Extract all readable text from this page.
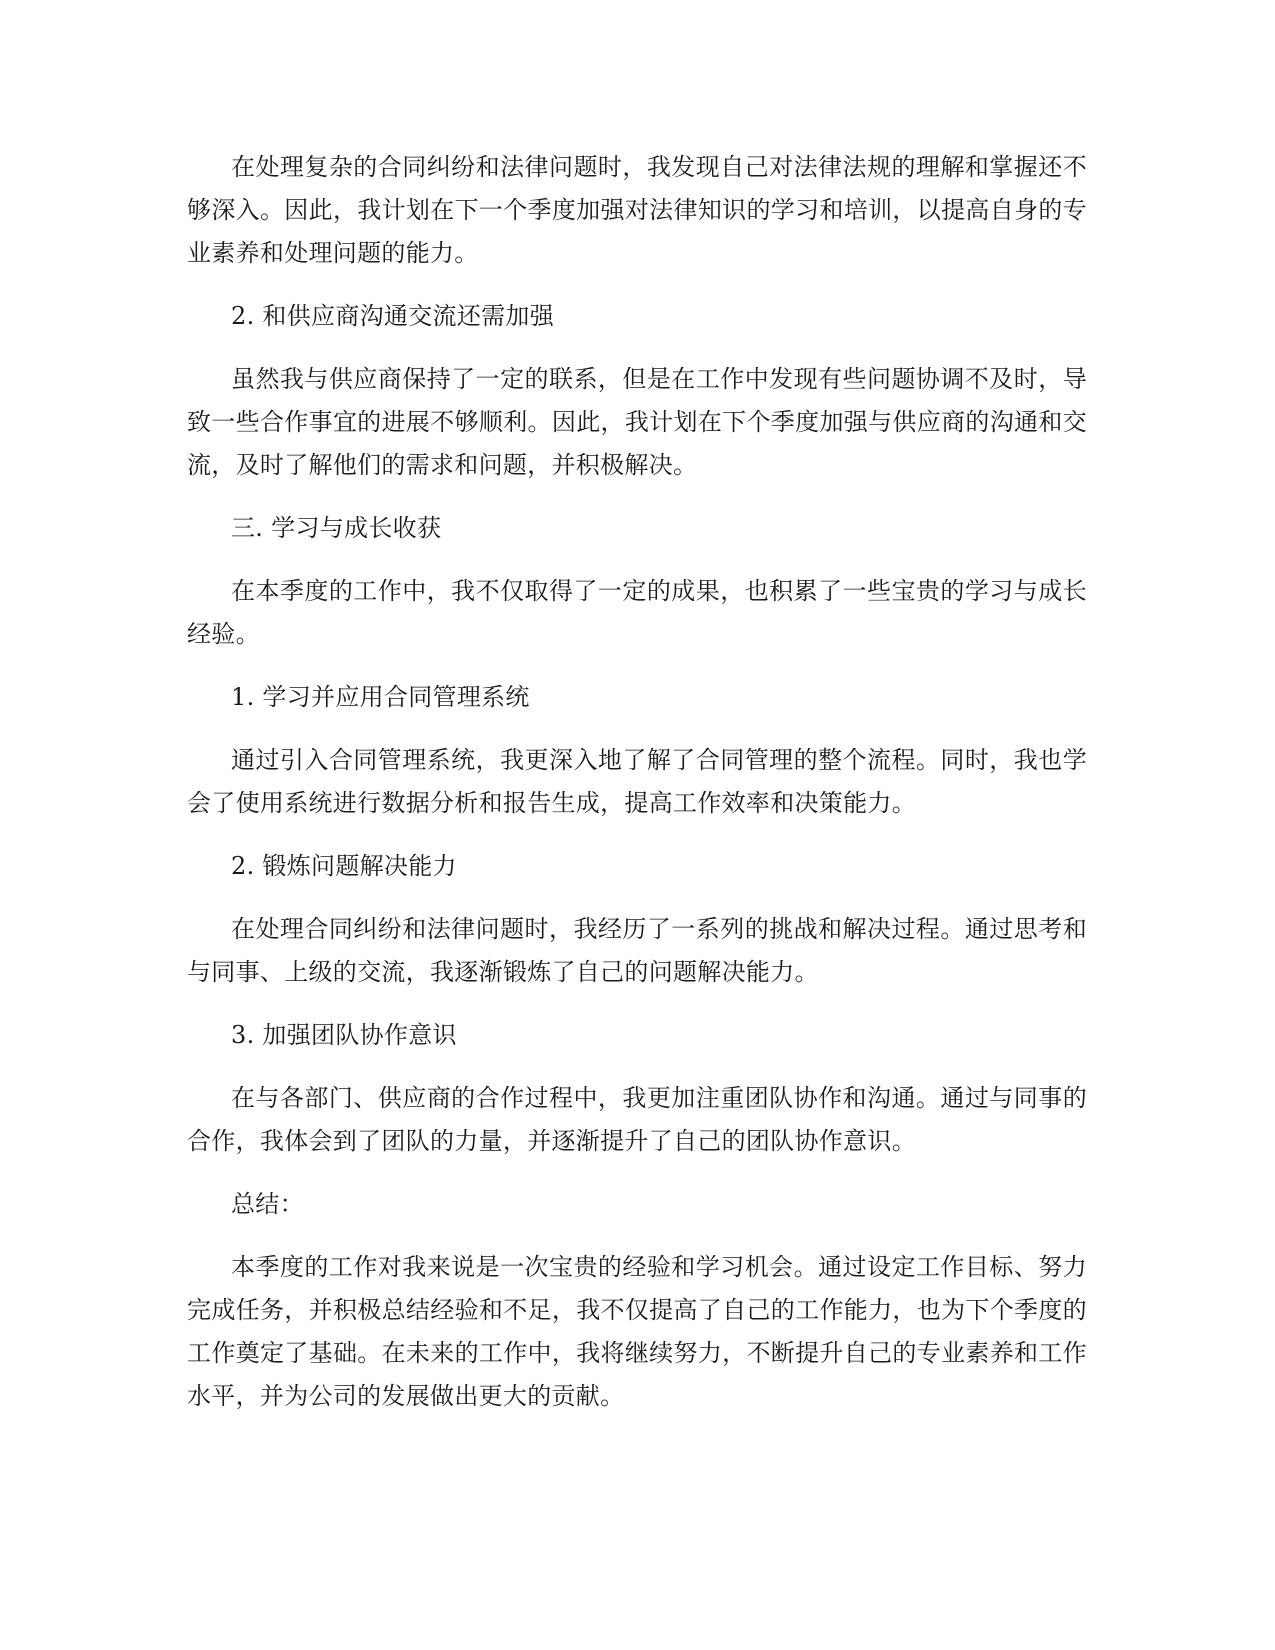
在处理复杂的合同纠纷和法律问题时，我发现自己对法律法规的理解和掌握还不够深入。因此，我计划在下一个季度加强对法律知识的学习和培训，以提高自身的专业素养和处理问题的能力。

2. 和供应商沟通交流还需加强

虽然我与供应商保持了一定的联系，但是在工作中发现有些问题协调不及时，导致一些合作事宜的进展不够顺利。因此，我计划在下个季度加强与供应商的沟通和交流，及时了解他们的需求和问题，并积极解决。

三. 学习与成长收获

在本季度的工作中，我不仅取得了一定的成果，也积累了一些宝贵的学习与成长经验。

1. 学习并应用合同管理系统

通过引入合同管理系统，我更深入地了解了合同管理的整个流程。同时，我也学会了使用系统进行数据分析和报告生成，提高工作效率和决策能力。

2. 锻炼问题解决能力

在处理合同纠纷和法律问题时，我经历了一系列的挑战和解决过程。通过思考和与同事、上级的交流，我逐渐锻炼了自己的问题解决能力。

3. 加强团队协作意识

在与各部门、供应商的合作过程中，我更加注重团队协作和沟通。通过与同事的合作，我体会到了团队的力量，并逐渐提升了自己的团队协作意识。

总结：

本季度的工作对我来说是一次宝贵的经验和学习机会。通过设定工作目标、努力完成任务，并积极总结经验和不足，我不仅提高了自己的工作能力，也为下个季度的工作奠定了基础。在未来的工作中，我将继续努力，不断提升自己的专业素养和工作水平，并为公司的发展做出更大的贡献。
